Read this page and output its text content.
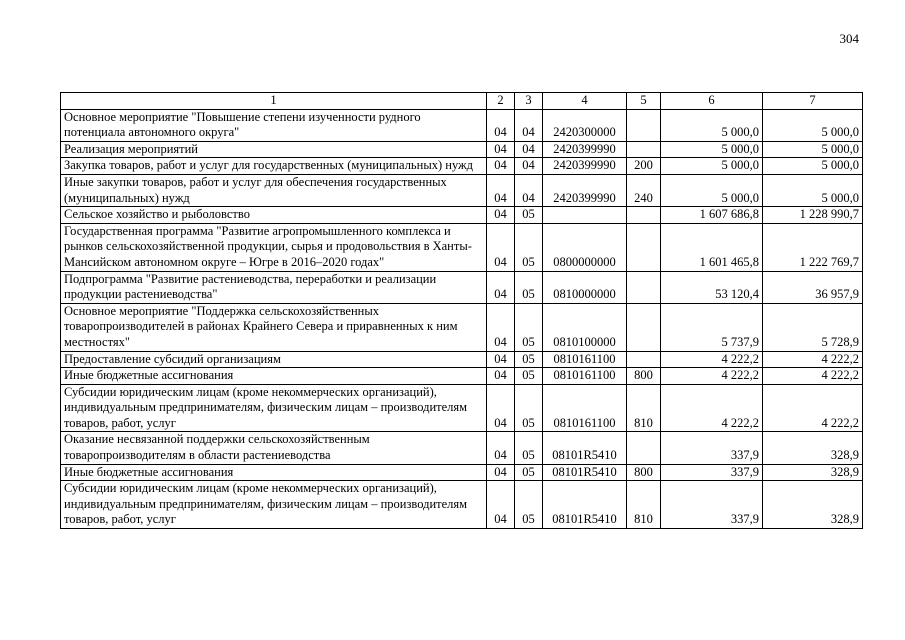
304
1	2	3	4	5	6	7
Основное мероприятие "Повышение степени изученности рудного потенциала автономного округа"	04	04	2420300000		5 000,0	5 000,0
Реализация мероприятий	04	04	2420399990		5 000,0	5 000,0
Закупка товаров, работ и услуг для государственных (муниципальных) нужд	04	04	2420399990	200	5 000,0	5 000,0
Иные закупки товаров, работ и услуг для обеспечения государственных (муниципальных) нужд	04	04	2420399990	240	5 000,0	5 000,0
Сельское хозяйство и рыболовство	04	05			1 607 686,8	1 228 990,7
Государственная программа "Развитие агропромышленного комплекса и рынков сельскохозяйственной продукции, сырья и продовольствия в Ханты-Мансийском автономном округе – Югре в 2016–2020 годах"	04	05	0800000000		1 601 465,8	1 222 769,7
Подпрограмма "Развитие растениеводства, переработки и реализации продукции растениеводства"	04	05	0810000000		53 120,4	36 957,9
Основное мероприятие "Поддержка сельскохозяйственных товаропроизводителей в районах Крайнего Севера и приравненных к ним местностях"	04	05	0810100000		5 737,9	5 728,9
Предоставление субсидий организациям	04	05	0810161100		4 222,2	4 222,2
Иные бюджетные ассигнования	04	05	0810161100	800	4 222,2	4 222,2
Субсидии юридическим лицам (кроме некоммерческих организаций), индивидуальным предпринимателям, физическим лицам – производителям товаров, работ, услуг	04	05	0810161100	810	4 222,2	4 222,2
Оказание несвязанной поддержки сельскохозяйственным товаропроизводителям в области растениеводства	04	05	08101R5410		337,9	328,9
Иные бюджетные ассигнования	04	05	08101R5410	800	337,9	328,9
Субсидии юридическим лицам (кроме некоммерческих организаций), индивидуальным предпринимателям, физическим лицам – производителям товаров, работ, услуг	04	05	08101R5410	810	337,9	328,9
